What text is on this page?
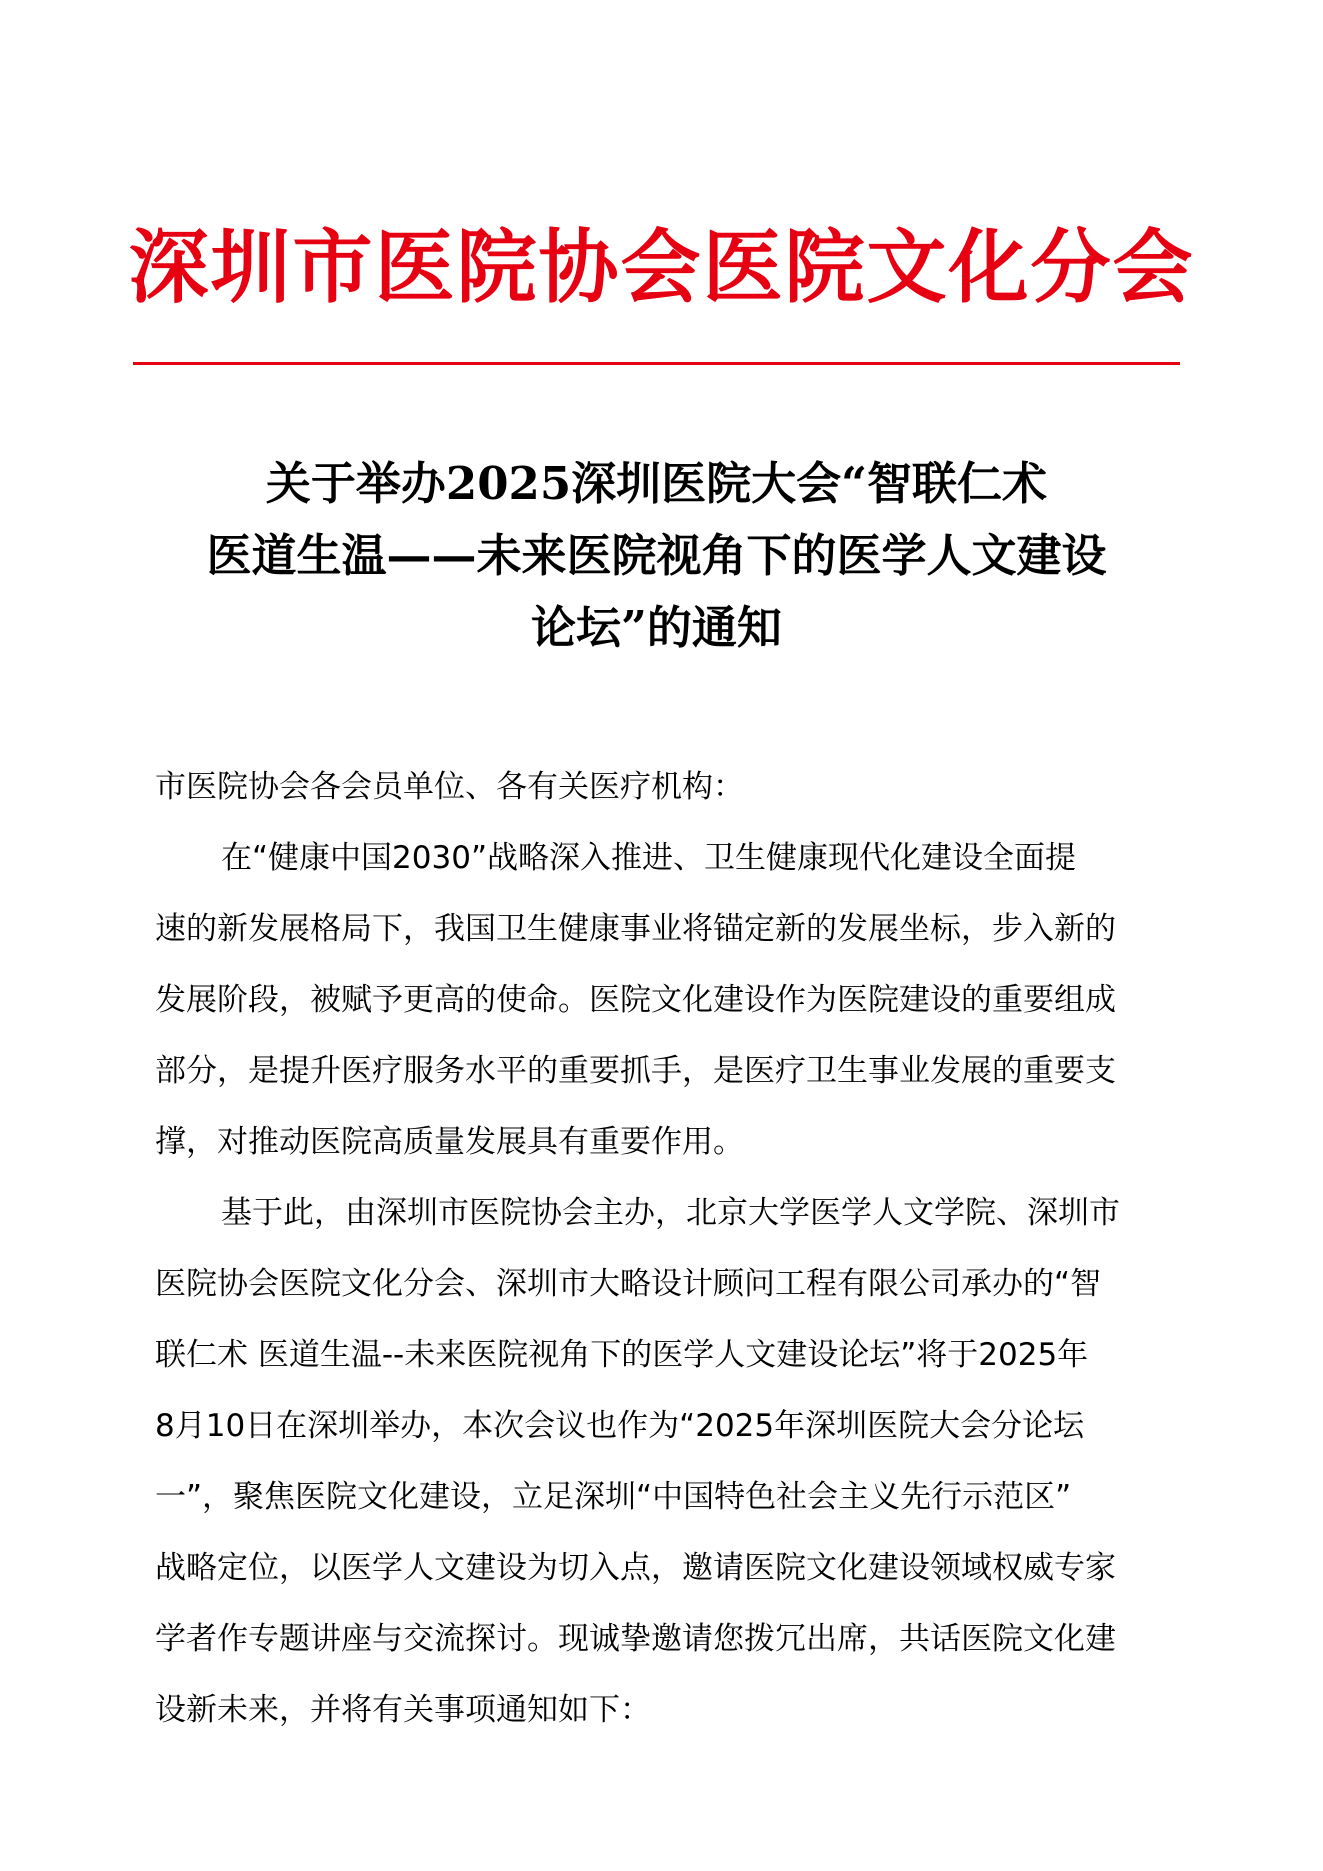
深圳市医院协会医院文化分会
关于举办2025深圳医院大会“智联仁术
医道生温——未来医院视角下的医学人文建设
论坛”的通知
市医院协会各会员单位、各有关医疗机构：
在“健康中国2030”战略深入推进、卫生健康现代化建设全面提
速的新发展格局下，我国卫生健康事业将锚定新的发展坐标，步入新的
发展阶段，被赋予更高的使命。医院文化建设作为医院建设的重要组成
部分，是提升医疗服务水平的重要抓手，是医疗卫生事业发展的重要支
撑，对推动医院高质量发展具有重要作用。
基于此，由深圳市医院协会主办，北京大学医学人文学院、深圳市
医院协会医院文化分会、深圳市大略设计顾问工程有限公司承办的“智
联仁术 医道生温--未来医院视角下的医学人文建设论坛”将于2025年
8月10日在深圳举办，本次会议也作为“2025年深圳医院大会分论坛
一”，聚焦医院文化建设，立足深圳“中国特色社会主义先行示范区”
战略定位，以医学人文建设为切入点，邀请医院文化建设领域权威专家
学者作专题讲座与交流探讨。现诚挚邀请您拨冗出席，共话医院文化建
设新未来，并将有关事项通知如下：
